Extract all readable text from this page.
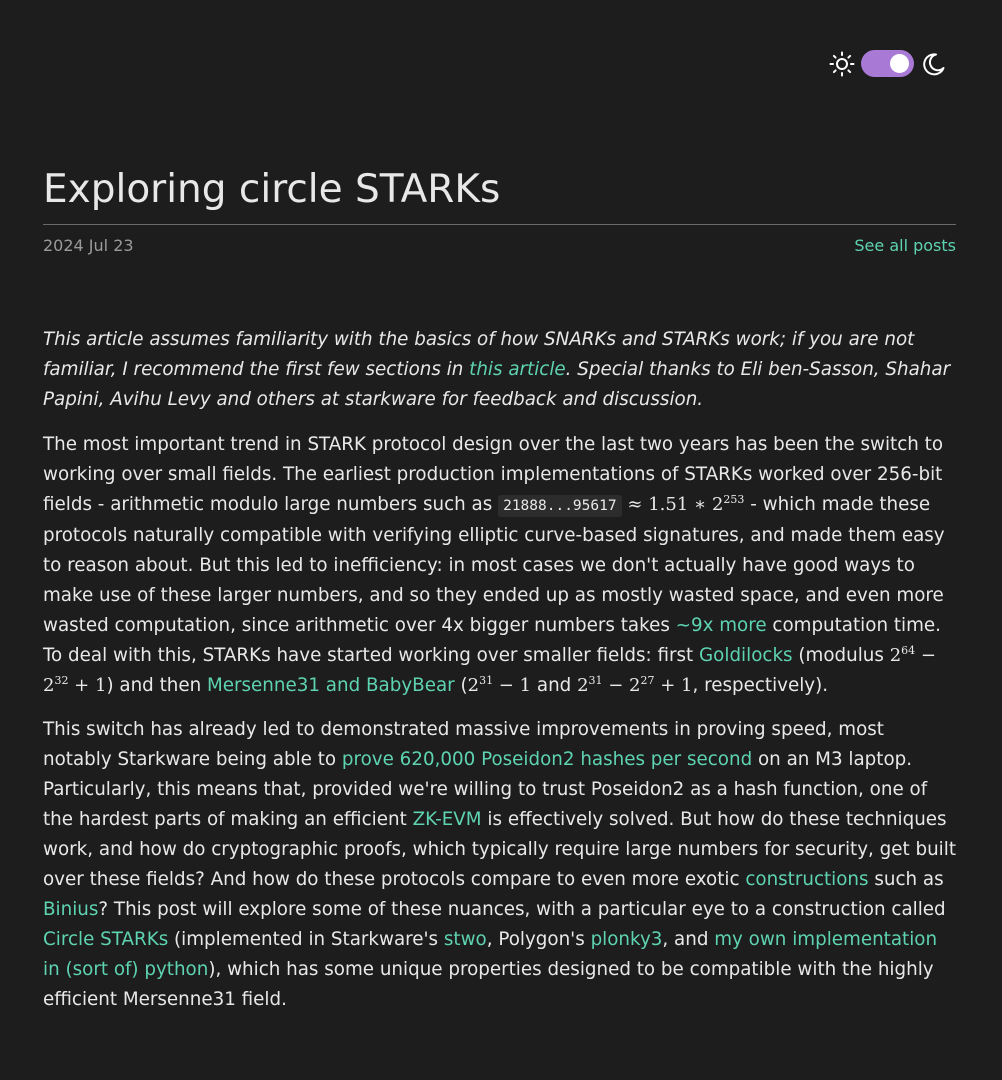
Exploring circle STARKs
2024 Jul 23	See all posts

This article assumes familiarity with the basics of how SNARKs and STARKs work; if you are not familiar, I recommend the first few sections in this article. Special thanks to Eli ben-Sasson, Shahar Papini, Avihu Levy and others at starkware for feedback and discussion.

The most important trend in STARK protocol design over the last two years has been the switch to working over small fields. The earliest production implementations of STARKs worked over 256-bit fields - arithmetic modulo large numbers such as 21888...95617 ≈ 1.51 ∗ $2^{253}$ - which made these protocols naturally compatible with verifying elliptic curve-based signatures, and made them easy to reason about. But this led to inefficiency: in most cases we don't actually have good ways to make use of these larger numbers, and so they ended up as mostly wasted space, and even more wasted computation, since arithmetic over 4x bigger numbers takes ~9x more computation time. To deal with this, STARKs have started working over smaller fields: first Goldilocks (modulus $2^{64} - 2^{32} + 1$) and then Mersenne31 and BabyBear ($2^{31} - 1$ and $2^{31} - 2^{27} + 1$, respectively).

This switch has already led to demonstrated massive improvements in proving speed, most notably Starkware being able to prove 620,000 Poseidon2 hashes per second on an M3 laptop. Particularly, this means that, provided we're willing to trust Poseidon2 as a hash function, one of the hardest parts of making an efficient ZK-EVM is effectively solved. But how do these techniques work, and how do cryptographic proofs, which typically require large numbers for security, get built over these fields? And how do these protocols compare to even more exotic constructions such as Binius? This post will explore some of these nuances, with a particular eye to a construction called Circle STARKs (implemented in Starkware's stwo, Polygon's plonky3, and my own implementation in (sort of) python), which has some unique properties designed to be compatible with the highly efficient Mersenne31 field.
